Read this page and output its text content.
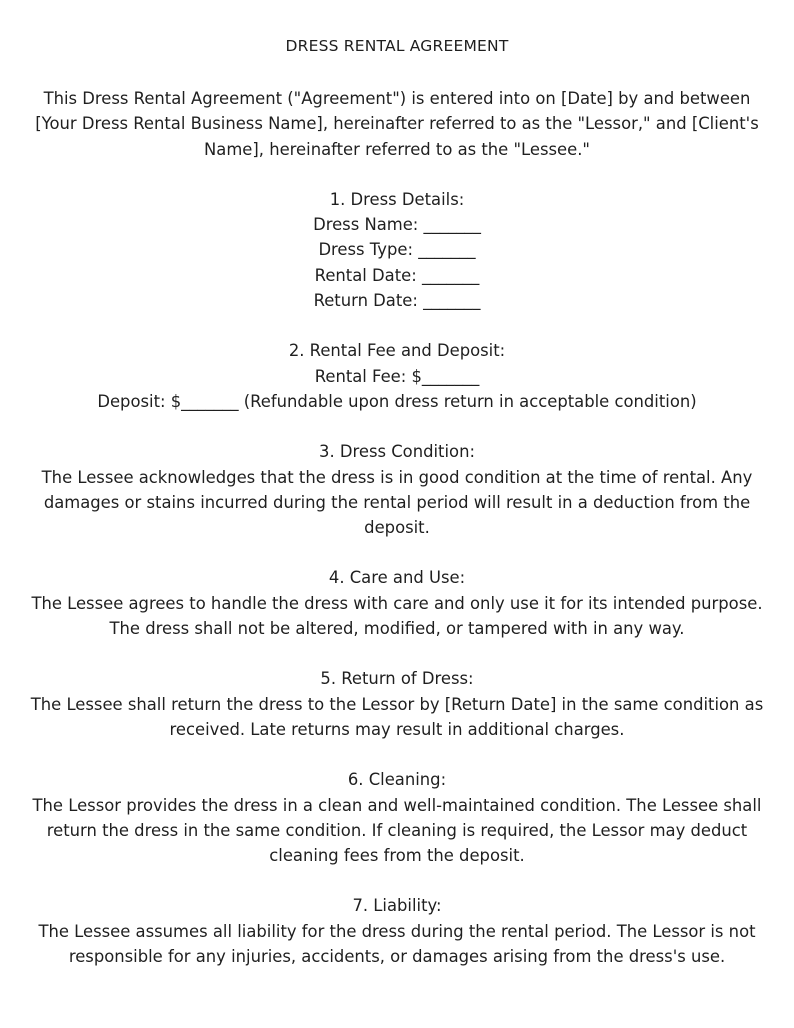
DRESS RENTAL AGREEMENT

This Dress Rental Agreement ("Agreement") is entered into on [Date] by and between [Your Dress Rental Business Name], hereinafter referred to as the "Lessor," and [Client's Name], hereinafter referred to as the "Lessee."

1. Dress Details:
Dress Name: _______
Dress Type: _______
Rental Date: _______
Return Date: _______
2. Rental Fee and Deposit:
Rental Fee: $_______
Deposit: $_______ (Refundable upon dress return in acceptable condition)
3. Dress Condition:

The Lessee acknowledges that the dress is in good condition at the time of rental. Any damages or stains incurred during the rental period will result in a deduction from the deposit.

4. Care and Use:

The Lessee agrees to handle the dress with care and only use it for its intended purpose. The dress shall not be altered, modified, or tampered with in any way.

5. Return of Dress:

The Lessee shall return the dress to the Lessor by [Return Date] in the same condition as received. Late returns may result in additional charges.

6. Cleaning:

The Lessor provides the dress in a clean and well-maintained condition. The Lessee shall return the dress in the same condition. If cleaning is required, the Lessor may deduct cleaning fees from the deposit.

7. Liability:

The Lessee assumes all liability for the dress during the rental period. The Lessor is not responsible for any injuries, accidents, or damages arising from the dress's use.
